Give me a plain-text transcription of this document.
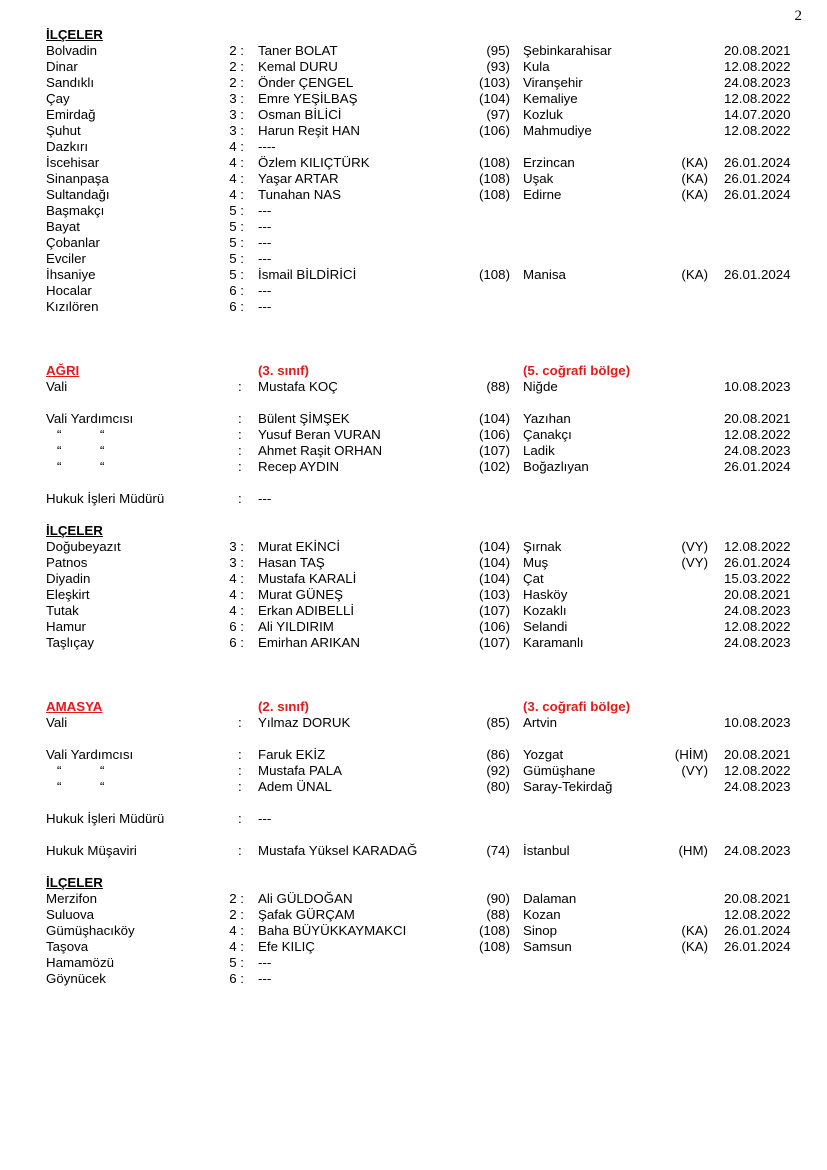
2
İLÇELER
Bolvadin	2 : Taner BOLAT	(95) Şebinkarahisar	20.08.2021
Dinar	2 : Kemal DURU	(93) Kula	12.08.2022
Sandıklı	2 : Önder ÇENGEL	(103) Viranşehir	24.08.2023
Çay	3 : Emre YEŞİLBAŞ	(104) Kemaliye	12.08.2022
Emirdağ	3 : Osman BİLİCİ	(97) Kozluk	14.07.2020
Şuhut	3 : Harun Reşit HAN	(106) Mahmudiye	12.08.2022
Dazkırı	4 : ----
İscehisar	4 : Özlem KILIÇTÜRK	(108) Erzincan	(KA) 26.01.2024
Sinanpaşa	4 : Yaşar ARTAR	(108) Uşak	(KA) 26.01.2024
Sultandağı	4 : Tunahan NAS	(108) Edirne	(KA) 26.01.2024
Başmakçı	5 : ---
Bayat	5 : ---
Çobanlar	5 : ---
Evciler	5 : ---
İhsaniye	5 : İsmail BİLDİRİCİ	(108) Manisa	(KA) 26.01.2024
Hocalar	6 : ---
Kızılören	6 : ---
AĞRI	(3. sınıf)	(5. coğrafi bölge)
Vali	: Mustafa KOÇ	(88) Niğde	10.08.2023
Vali Yardımcısı	: Bülent ŞİMŞEK	(104) Yazıhan	20.08.2021
“	“	: Yusuf Beran VURAN	(106) Çanakçı	12.08.2022
“	“	: Ahmet Raşit ORHAN	(107) Ladik	24.08.2023
“	“	: Recep AYDIN	(102) Boğazlıyan	26.01.2024
Hukuk İşleri Müdürü	: ---
İLÇELER
Doğubeyazıt	3 : Murat EKİNCİ	(104) Şırnak	(VY) 12.08.2022
Patnos	3 : Hasan TAŞ	(104) Muş	(VY) 26.01.2024
Diyadin	4 : Mustafa KARALİ	(104) Çat	15.03.2022
Eleşkirt	4 : Murat GÜNEŞ	(103) Hasköy	20.08.2021
Tutak	4 : Erkan ADIBELLİ	(107) Kozaklı	24.08.2023
Hamur	6 : Ali YILDIRIM	(106) Selandi	12.08.2022
Taşlıçay	6 : Emirhan ARIKAN	(107) Karamanlı	24.08.2023
AMASYA	(2. sınıf)	(3. coğrafi bölge)
Vali	: Yılmaz DORUK	(85) Artvin	10.08.2023
Vali Yardımcısı	: Faruk EKİZ	(86) Yozgat	(HİM) 20.08.2021
“	“	: Mustafa PALA	(92) Gümüşhane	(VY) 12.08.2022
“	“	: Adem ÜNAL	(80) Saray-Tekirdağ	24.08.2023
Hukuk İşleri Müdürü	: ---
Hukuk Müşaviri	: Mustafa Yüksel KARADAĞ	(74) İstanbul	(HM) 24.08.2023
İLÇELER
Merzifon	2 : Ali GÜLDOĞAN	(90) Dalaman	20.08.2021
Suluova	2 : Şafak GÜRÇAM	(88) Kozan	12.08.2022
Gümüşhacıköy	4 : Baha BÜYÜKKAYMAKCI	(108) Sinop	(KA) 26.01.2024
Taşova	4 : Efe KILIÇ	(108) Samsun	(KA) 26.01.2024
Hamamözü	5 : ---
Göynücek	6 : ---
